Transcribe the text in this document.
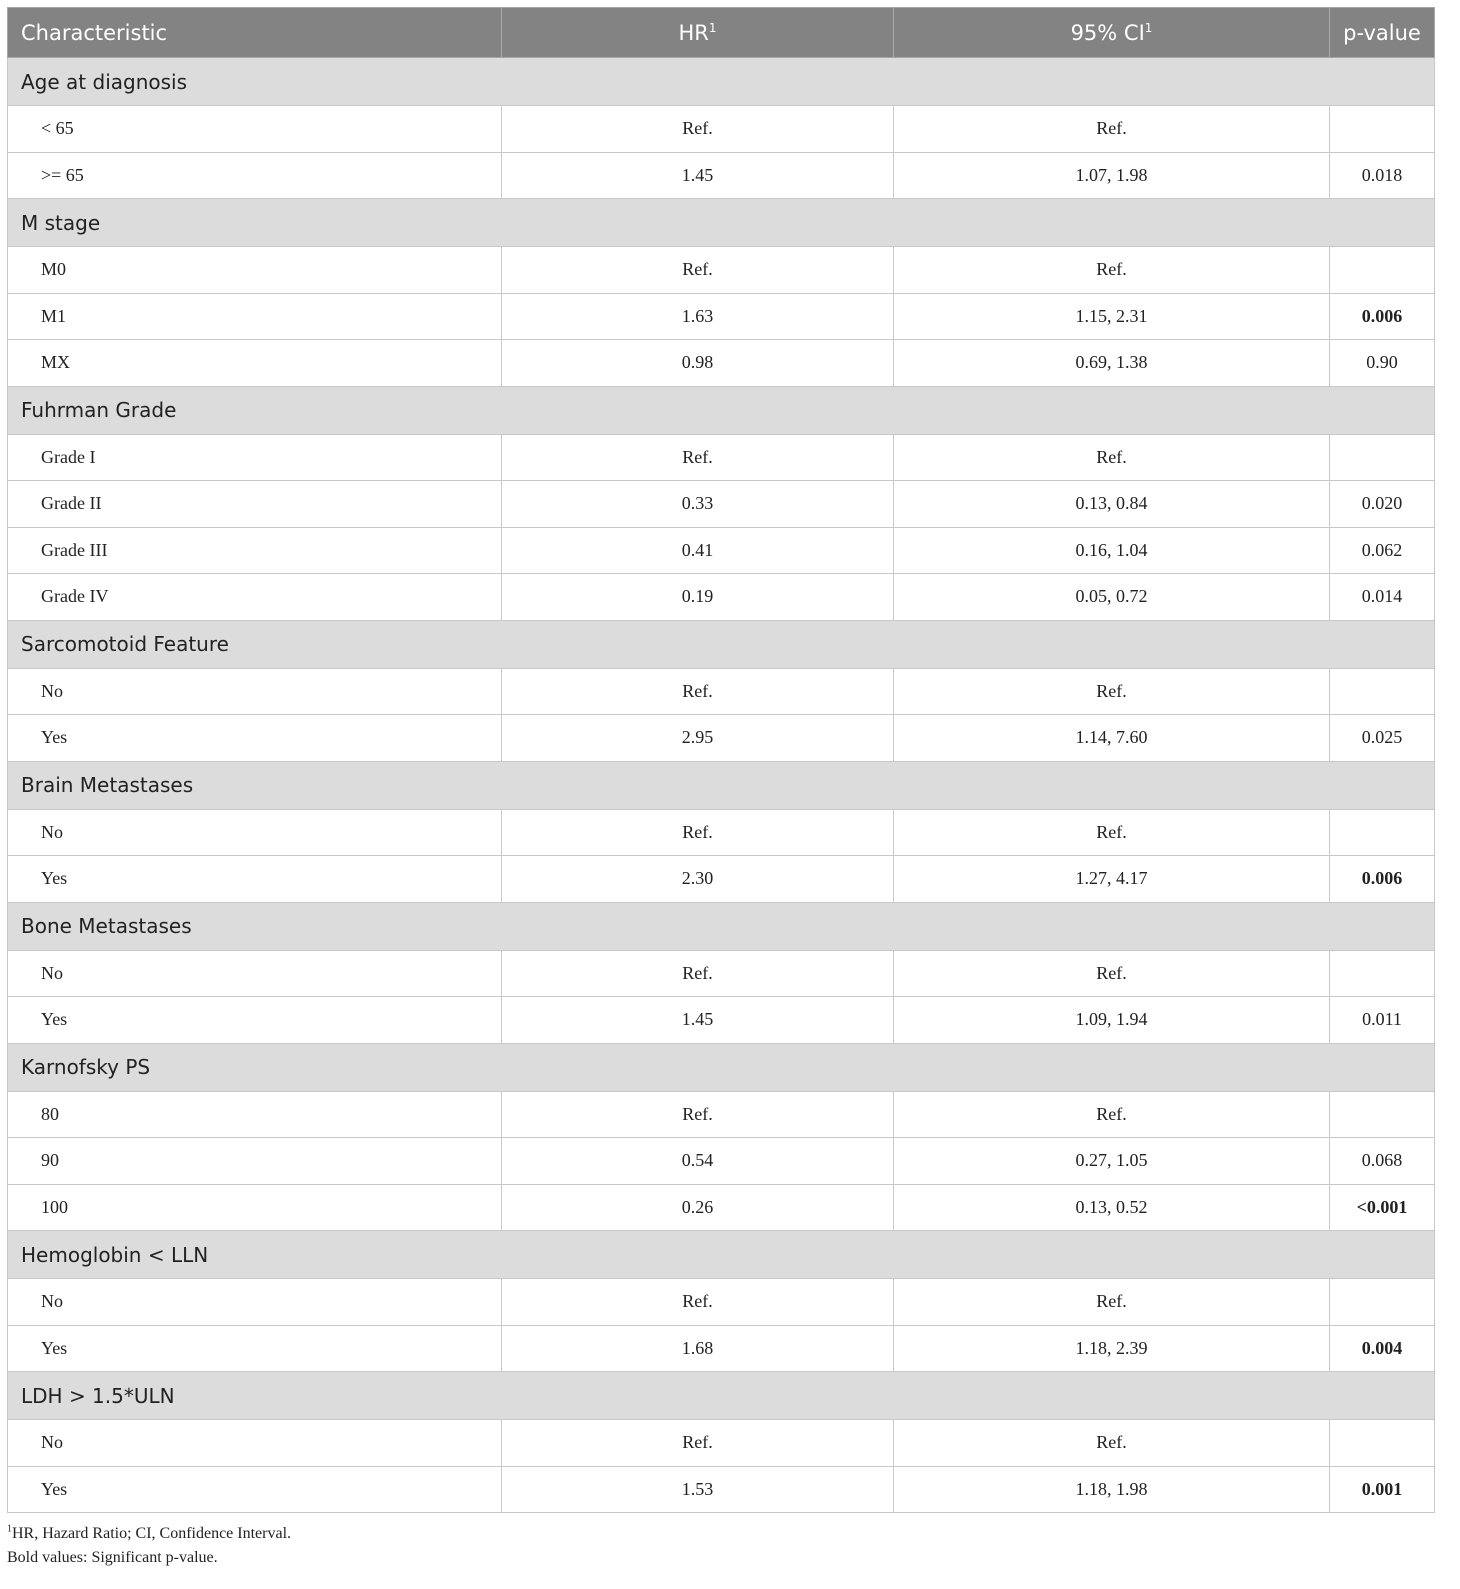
Characteristic	$HR^1$	95% $CI^1$	p-value
Age at diagnosis			
< 65	Ref.	Ref.	
>= 65	1.45	1.07, 1.98	0.018
M stage			
M0	Ref.	Ref.	
M1	1.63	1.15, 2.31	0.006
MX	0.98	0.69, 1.38	0.90
Fuhrman Grade			
Grade I	Ref.	Ref.	
Grade II	0.33	0.13, 0.84	0.020
Grade III	0.41	0.16, 1.04	0.062
Grade IV	0.19	0.05, 0.72	0.014
Sarcomotoid Feature			
No	Ref.	Ref.	
Yes	2.95	1.14, 7.60	0.025
Brain Metastases			
No	Ref.	Ref.	
Yes	2.30	1.27, 4.17	0.006
Bone Metastases			
No	Ref.	Ref.	
Yes	1.45	1.09, 1.94	0.011
Karnofsky PS			
80	Ref.	Ref.	
90	0.54	0.27, 1.05	0.068
100	0.26	0.13, 0.52	<0.001
Hemoglobin < LLN			
No	Ref.	Ref.	
Yes	1.68	1.18, 2.39	0.004
LDH > 1.5*ULN			
No	Ref.	Ref.	
Yes	1.53	1.18, 1.98	0.001
$^1$HR, Hazard Ratio; CI, Confidence Interval.
Bold values: Significant p-value.
